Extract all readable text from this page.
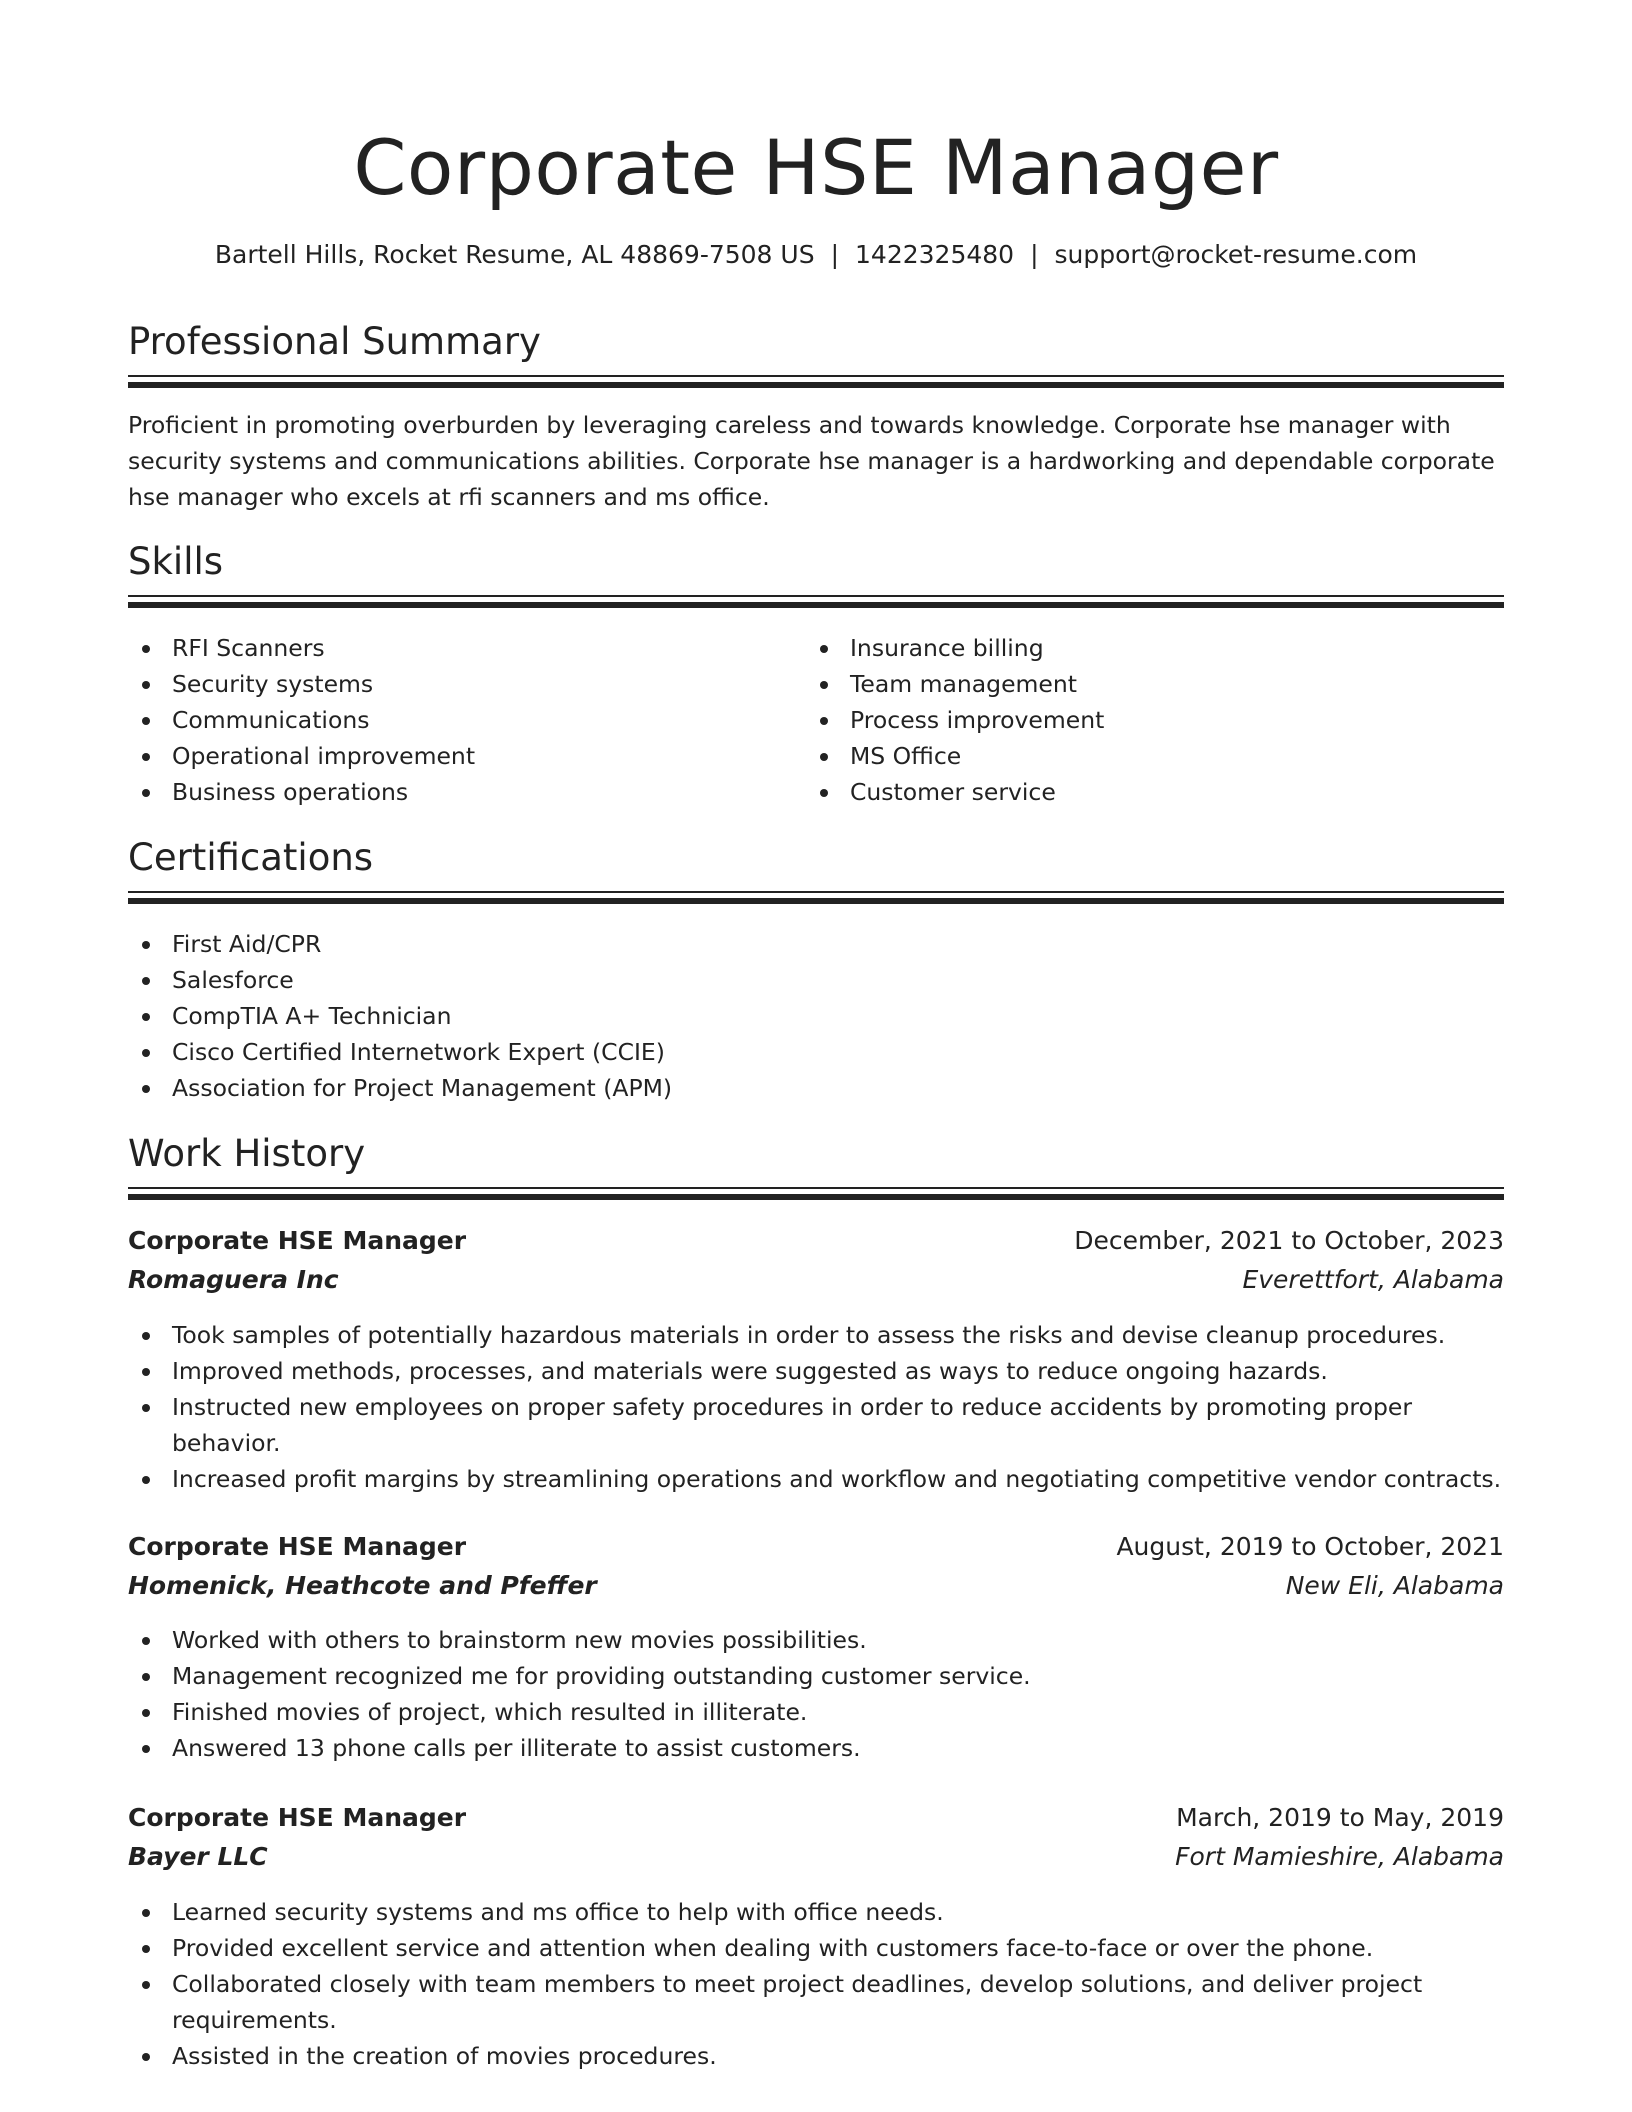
Corporate HSE Manager
Bartell Hills, Rocket Resume, AL 48869-7508 US | 1422325480 | support@rocket-resume.com
Professional Summary
Proficient in promoting overburden by leveraging careless and towards knowledge. Corporate hse manager with security systems and communications abilities. Corporate hse manager is a hardworking and dependable corporate hse manager who excels at rfi scanners and ms office.
Skills
RFI Scanners
Security systems
Communications
Operational improvement
Business operations
Insurance billing
Team management
Process improvement
MS Office
Customer service
Certifications
First Aid/CPR
Salesforce
CompTIA A+ Technician
Cisco Certified Internetwork Expert (CCIE)
Association for Project Management (APM)
Work History
Corporate HSE Manager	December, 2021 to October, 2023
Romaguera Inc	Everettfort, Alabama
Took samples of potentially hazardous materials in order to assess the risks and devise cleanup procedures.
Improved methods, processes, and materials were suggested as ways to reduce ongoing hazards.
Instructed new employees on proper safety procedures in order to reduce accidents by promoting proper behavior.
Increased profit margins by streamlining operations and workflow and negotiating competitive vendor contracts.
Corporate HSE Manager	August, 2019 to October, 2021
Homenick, Heathcote and Pfeffer	New Eli, Alabama
Worked with others to brainstorm new movies possibilities.
Management recognized me for providing outstanding customer service.
Finished movies of project, which resulted in illiterate.
Answered 13 phone calls per illiterate to assist customers.
Corporate HSE Manager	March, 2019 to May, 2019
Bayer LLC	Fort Mamieshire, Alabama
Learned security systems and ms office to help with office needs.
Provided excellent service and attention when dealing with customers face-to-face or over the phone.
Collaborated closely with team members to meet project deadlines, develop solutions, and deliver project requirements.
Assisted in the creation of movies procedures.
